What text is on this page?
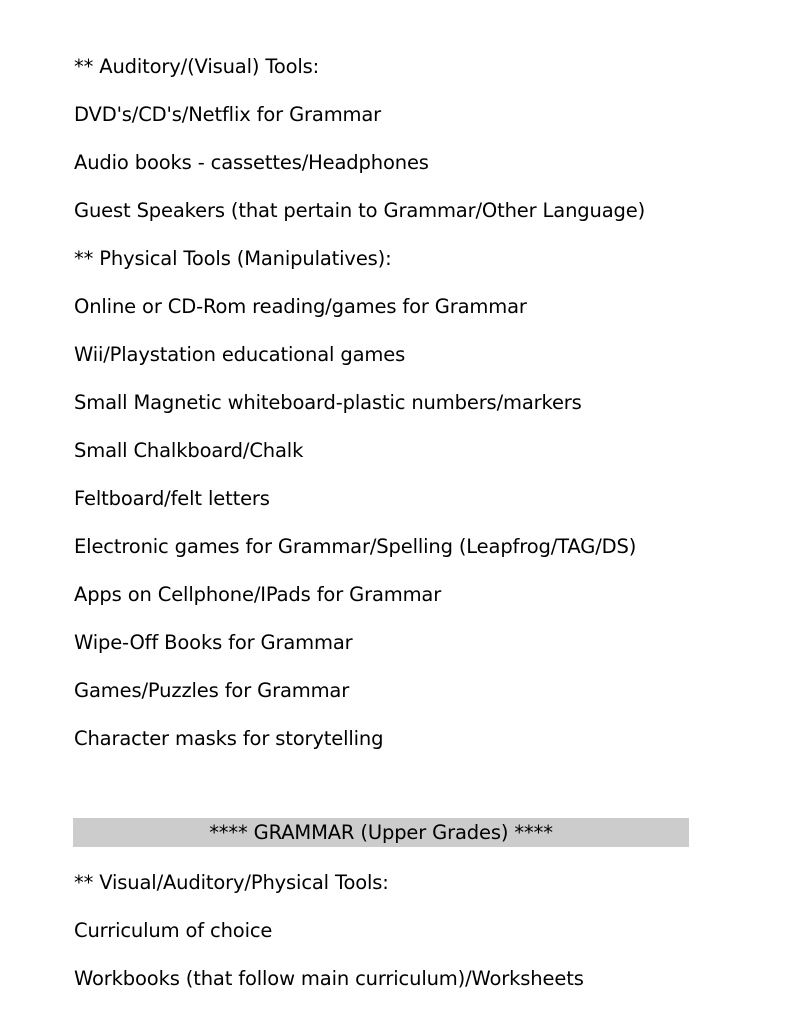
** Auditory/(Visual) Tools:
DVD's/CD's/Netflix for Grammar
Audio books - cassettes/Headphones
Guest Speakers (that pertain to Grammar/Other Language)
** Physical Tools (Manipulatives):
Online or CD-Rom reading/games for Grammar
Wii/Playstation educational games
Small Magnetic whiteboard-plastic numbers/markers
Small Chalkboard/Chalk
Feltboard/felt letters
Electronic games for Grammar/Spelling (Leapfrog/TAG/DS)
Apps on Cellphone/IPads for Grammar
Wipe-Off Books for Grammar
Games/Puzzles for Grammar
Character masks for storytelling
**** GRAMMAR (Upper Grades) ****
** Visual/Auditory/Physical Tools:
Curriculum of choice
Workbooks (that follow main curriculum)/Worksheets
